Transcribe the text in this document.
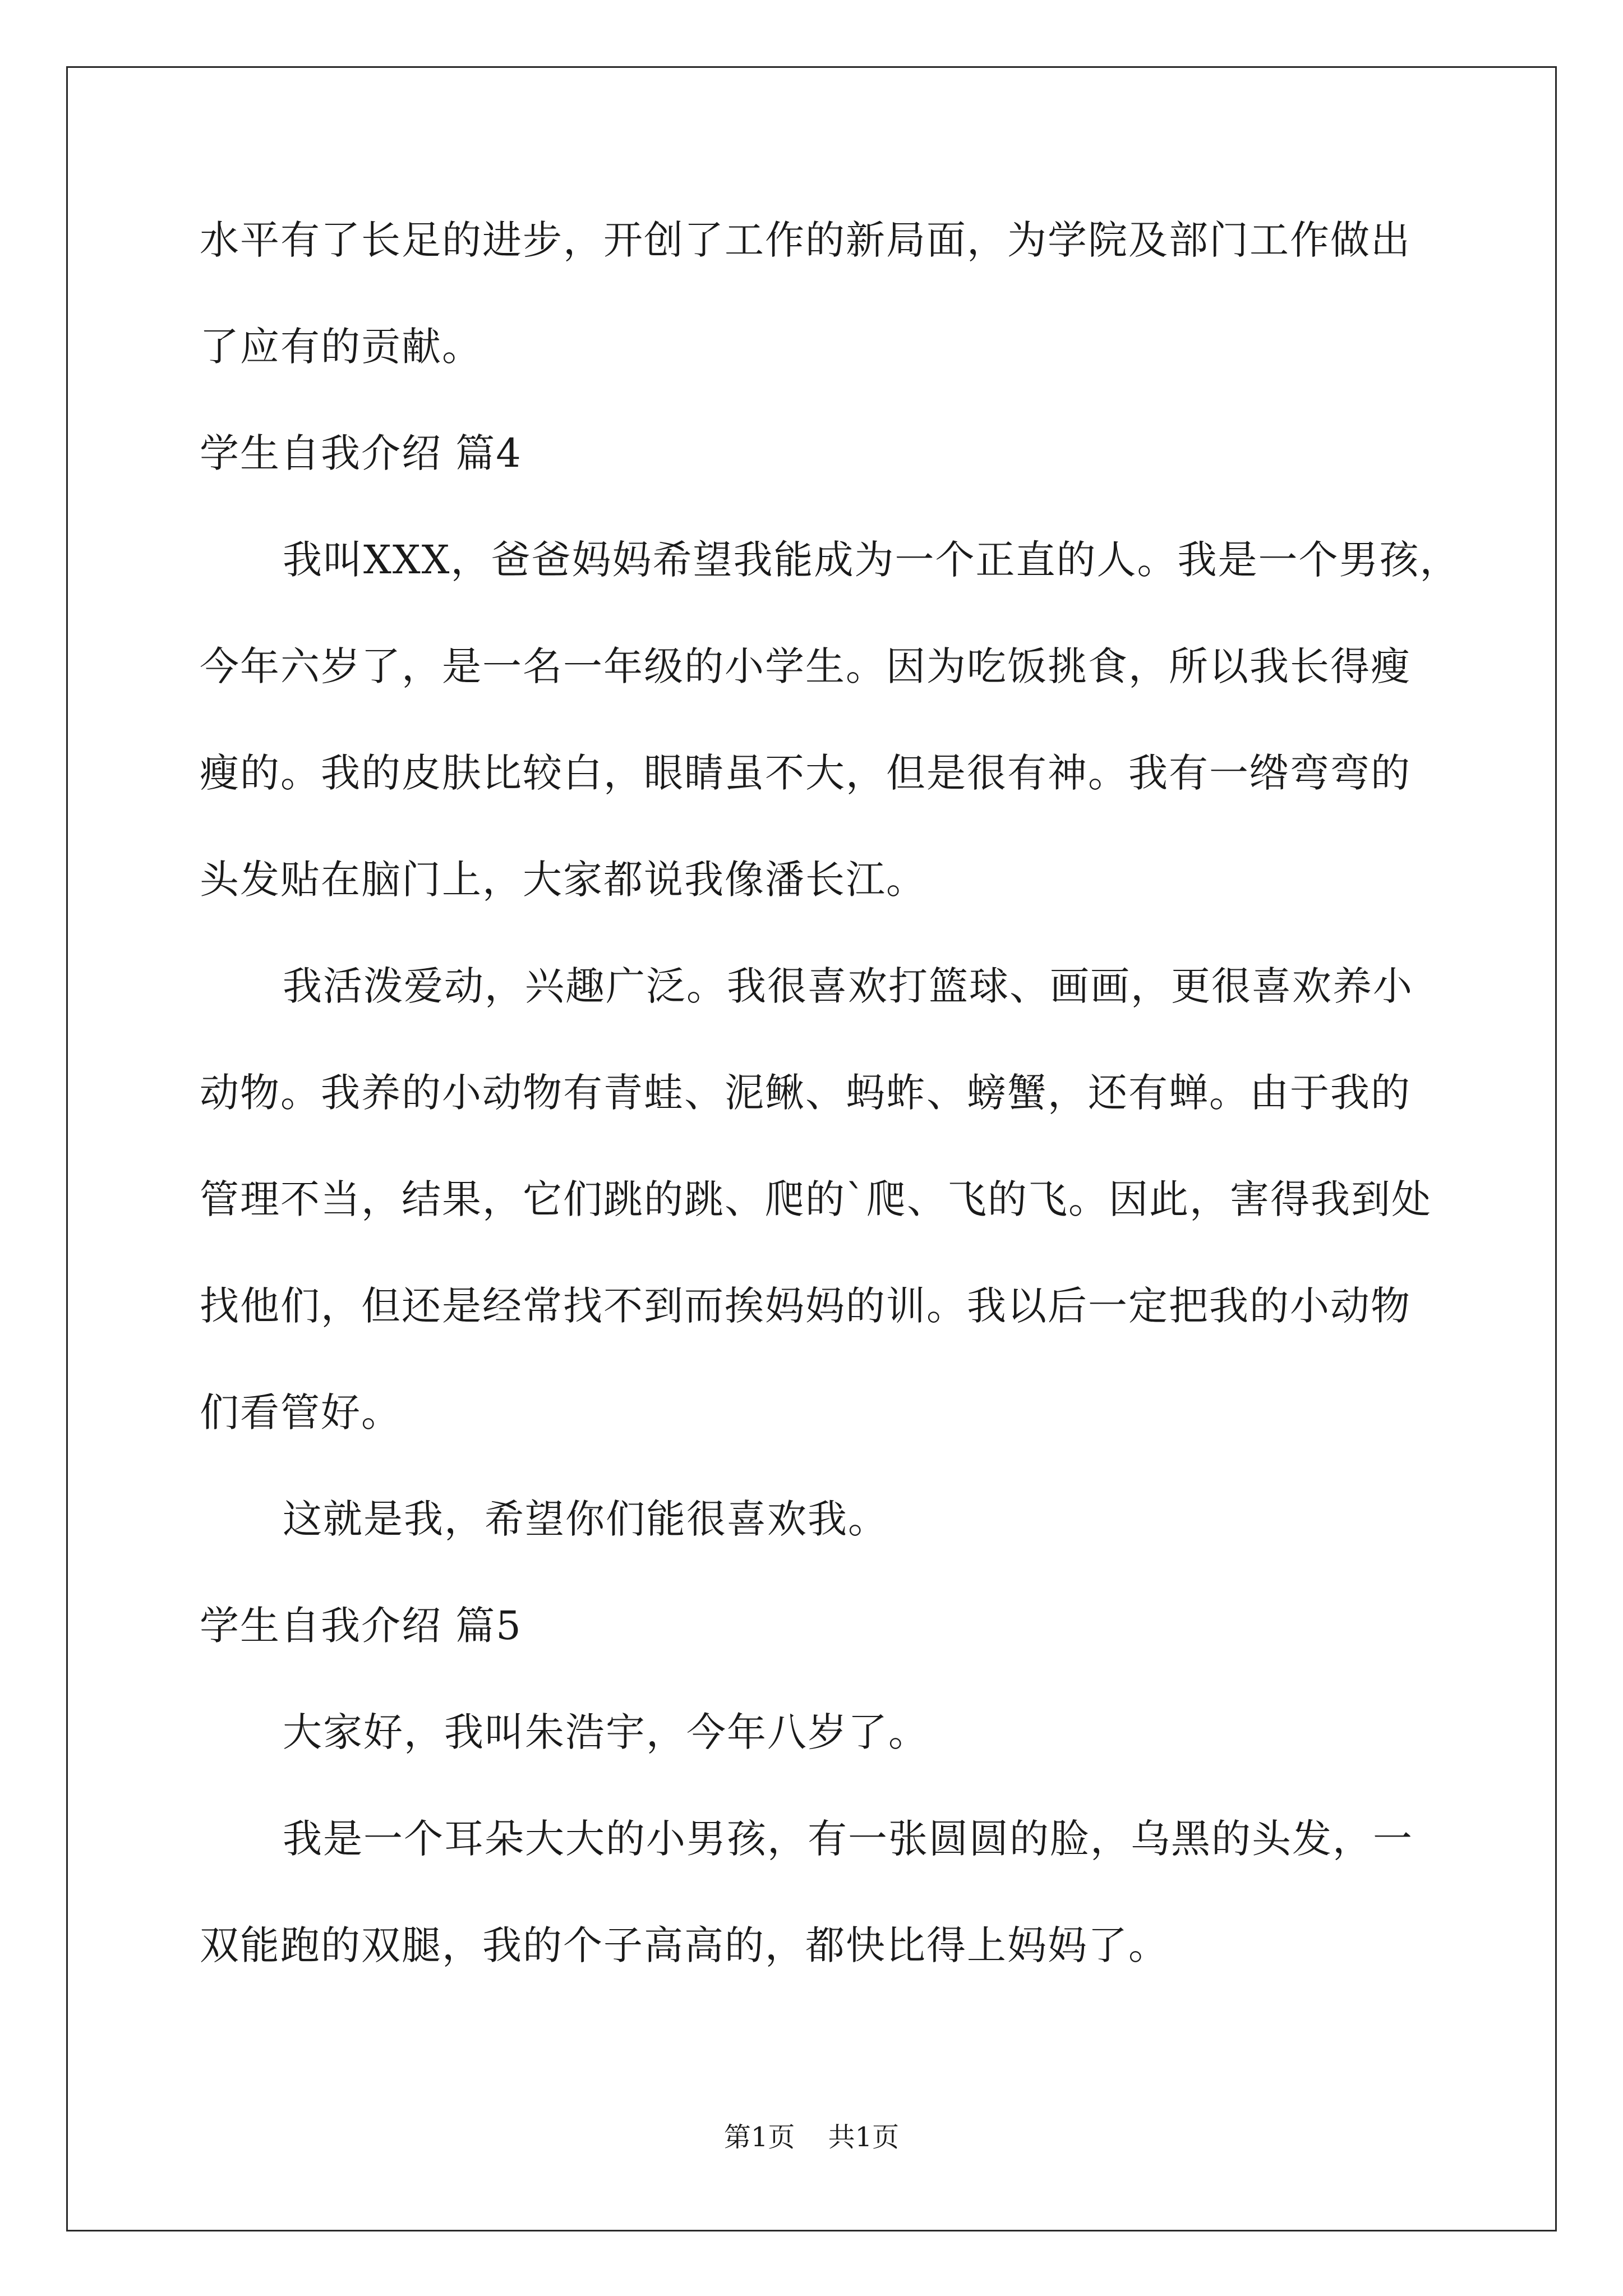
水平有了长足的进步，开创了工作的新局面，为学院及部门工作做出

了应有的贡献。

学生自我介绍 篇4

我叫XXX，爸爸妈妈希望我能成为一个正直的人。我是一个男孩，

今年六岁了，是一名一年级的小学生。因为吃饭挑食，所以我长得瘦

瘦的。我的皮肤比较白，眼睛虽不大，但是很有神。我有一绺弯弯的

头发贴在脑门上，大家都说我像潘长江。

我活泼爱动，兴趣广泛。我很喜欢打篮球、画画，更很喜欢养小

动物。我养的小动物有青蛙、泥鳅、蚂蚱、螃蟹，还有蝉。由于我的

管理不当，结果，它们跳的跳、爬的`爬、飞的飞。因此，害得我到处

找他们，但还是经常找不到而挨妈妈的训。我以后一定把我的小动物

们看管好。

这就是我，希望你们能很喜欢我。

学生自我介绍 篇5

大家好，我叫朱浩宇，今年八岁了。

我是一个耳朵大大的小男孩，有一张圆圆的脸，乌黑的头发，一

双能跑的双腿，我的个子高高的，都快比得上妈妈了。

第1页 共1页
